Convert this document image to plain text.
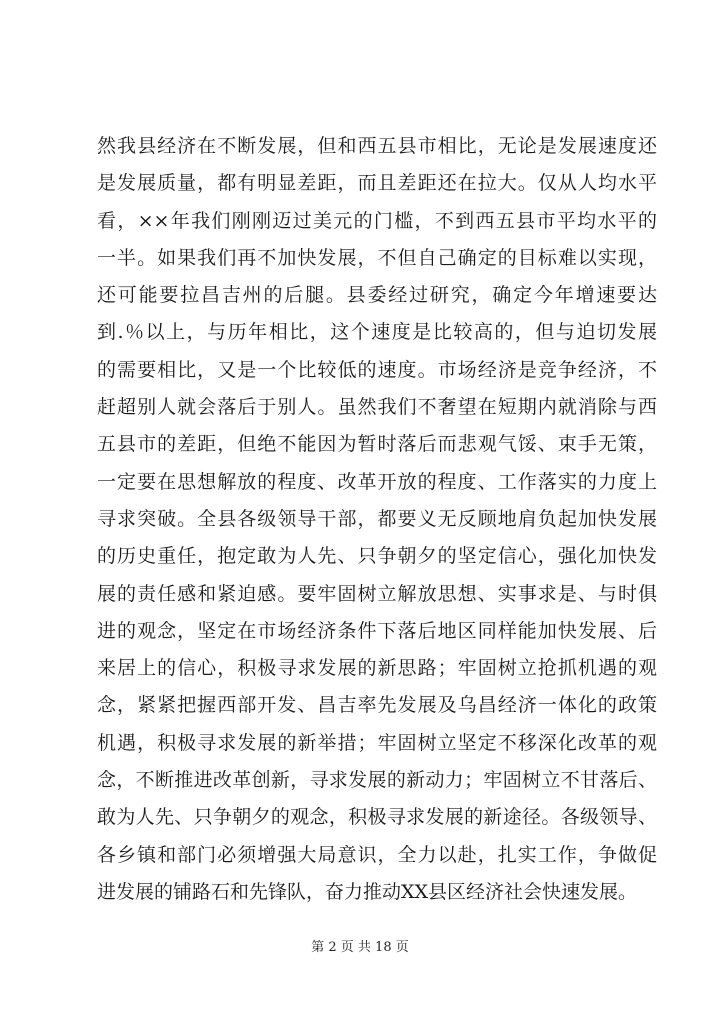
然我县经济在不断发展，但和西五县市相比，无论是发展速度还
是发展质量，都有明显差距，而且差距还在拉大。仅从人均水平
看，××年我们刚刚迈过美元的门槛，不到西五县市平均水平的
一半。如果我们再不加快发展，不但自己确定的目标难以实现，
还可能要拉昌吉州的后腿。县委经过研究，确定今年增速要达
到.％以上，与历年相比，这个速度是比较高的，但与迫切发展
的需要相比，又是一个比较低的速度。市场经济是竞争经济，不
赶超别人就会落后于别人。虽然我们不奢望在短期内就消除与西
五县市的差距，但绝不能因为暂时落后而悲观气馁、束手无策，
一定要在思想解放的程度、改革开放的程度、工作落实的力度上
寻求突破。全县各级领导干部，都要义无反顾地肩负起加快发展
的历史重任，抱定敢为人先、只争朝夕的坚定信心，强化加快发
展的责任感和紧迫感。要牢固树立解放思想、实事求是、与时俱
进的观念，坚定在市场经济条件下落后地区同样能加快发展、后
来居上的信心，积极寻求发展的新思路；牢固树立抢抓机遇的观
念，紧紧把握西部开发、昌吉率先发展及乌昌经济一体化的政策
机遇，积极寻求发展的新举措；牢固树立坚定不移深化改革的观
念，不断推进改革创新，寻求发展的新动力；牢固树立不甘落后、
敢为人先、只争朝夕的观念，积极寻求发展的新途径。各级领导、
各乡镇和部门必须增强大局意识，全力以赴，扎实工作，争做促
进发展的铺路石和先锋队，奋力推动XX县区经济社会快速发展。
第 2 页 共 18 页
